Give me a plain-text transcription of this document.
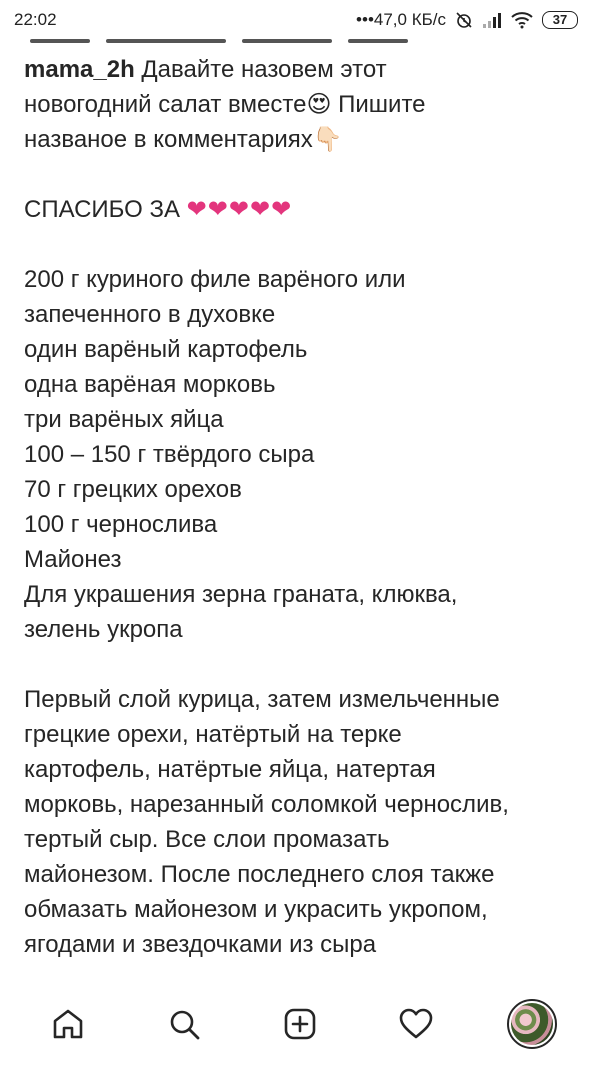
22:02	•••47,0 КБ/с	37

mama_2h Давайте назовем этот

новогодний салат вместе😍 Пишите

названое в комментариях👇🏻

СПАСИБО ЗА ❤❤❤❤❤

200 г куриного филе варёного или

запеченного в духовке

один варёный картофель

одна варёная морковь

три варёных яйца

100 – 150 г твёрдого сыра

70 г грецких орехов

100 г чернослива

Майонез

Для украшения зерна граната, клюква,

зелень укропа

Первый слой курица, затем измельченные

грецкие орехи, натёртый на терке

картофель, натёртые яйца, натертая

морковь, нарезанный соломкой чернослив,

тертый сыр. Все слои промазать

майонезом. После последнего слоя также

обмазать майонезом и украсить укропом,

ягодами и звездочками из сыра
